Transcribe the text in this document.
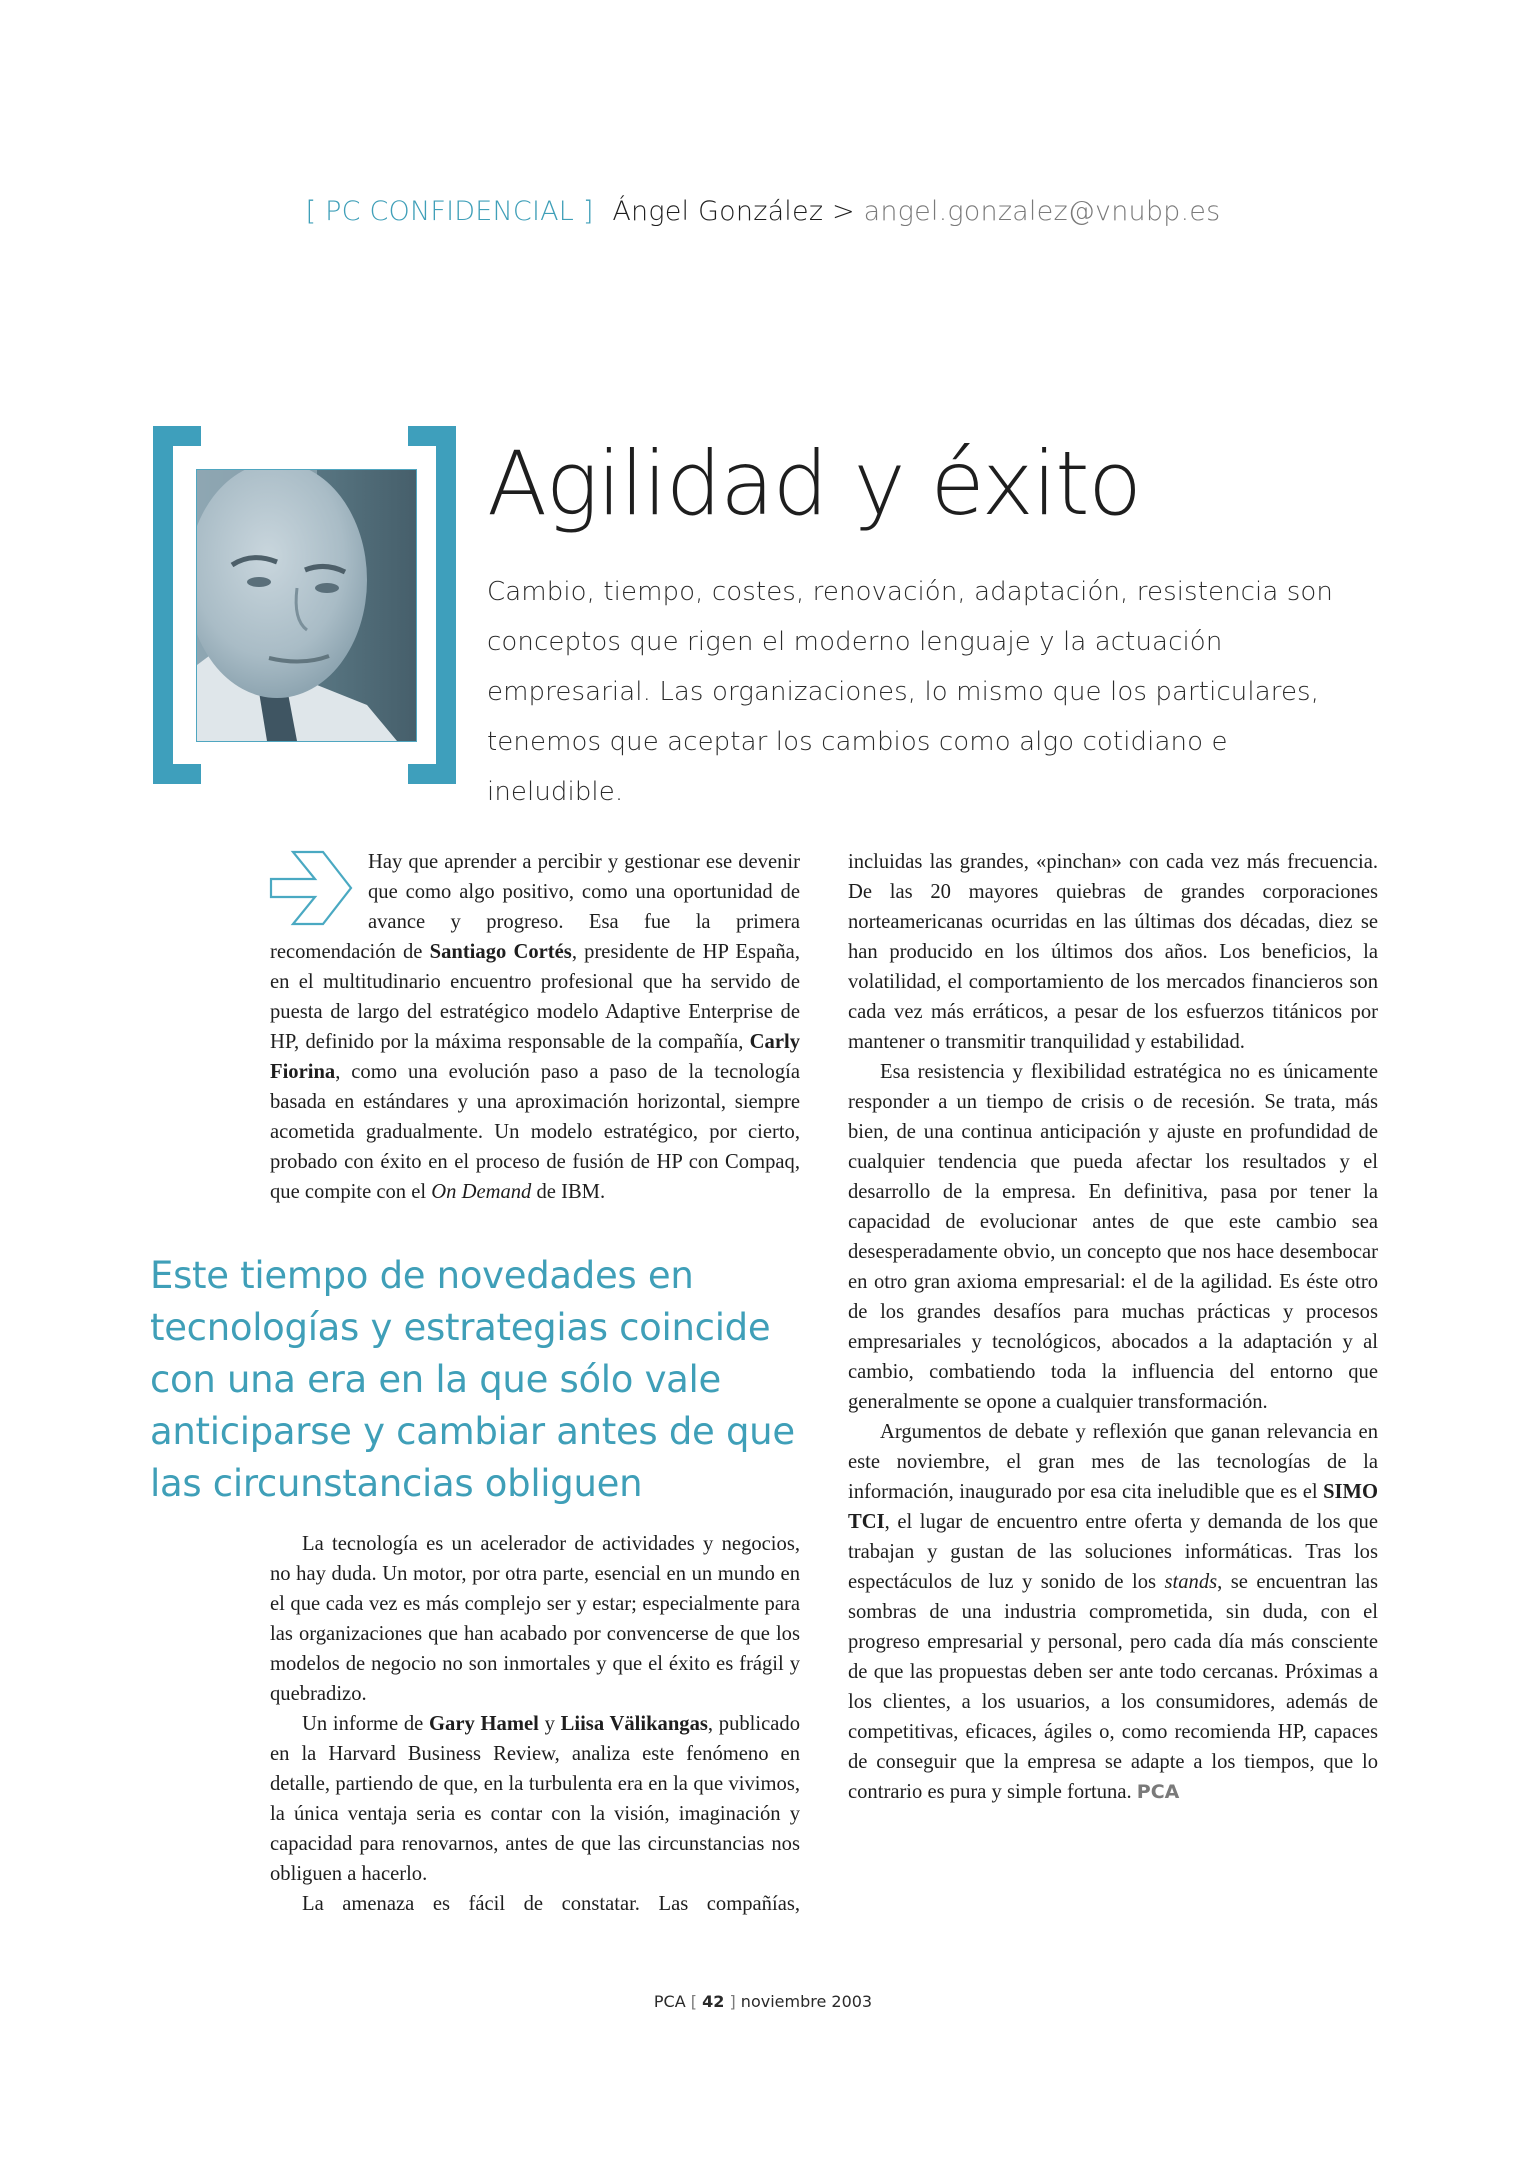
[ PC CONFIDENCIAL ] Ángel González > angel.gonzalez@vnubp.es
Agilidad y éxito

Cambio, tiempo, costes, renovación, adaptación, resistencia son conceptos que rigen el moderno lenguaje y la actuación empresarial. Las organizaciones, lo mismo que los particulares, tenemos que aceptar los cambios como algo cotidiano e ineludible.

Hay que aprender a percibir y gestionar ese devenir que como algo positivo, como una oportunidad de avance y progreso. Esa fue la primera recomendación de Santiago Cortés, presidente de HP España, en el multitudinario encuentro profesional que ha servido de puesta de largo del estratégico modelo Adaptive Enterprise de HP, definido por la máxima responsable de la compañía, Carly Fiorina, como una evolución paso a paso de la tecnología basada en estándares y una aproximación horizontal, siempre acometida gradualmente. Un modelo estratégico, por cierto, probado con éxito en el proceso de fusión de HP con Compaq, que compite con el On Demand de IBM.

Este tiempo de novedades en tecnologías y estrategias coincide con una era en la que sólo vale anticiparse y cambiar antes de que las circunstancias obliguen

La tecnología es un acelerador de actividades y negocios, no hay duda. Un motor, por otra parte, esencial en un mundo en el que cada vez es más complejo ser y estar; especialmente para las organizaciones que han acabado por convencerse de que los modelos de negocio no son inmortales y que el éxito es frágil y quebradizo.

Un informe de Gary Hamel y Liisa Välikangas, publicado en la Harvard Business Review, analiza este fenómeno en detalle, partiendo de que, en la turbulenta era en la que vivimos, la única ventaja seria es contar con la visión, imaginación y capacidad para renovarnos, antes de que las circunstancias nos obliguen a hacerlo.

La amenaza es fácil de constatar. Las compañías,

incluidas las grandes, «pinchan» con cada vez más frecuencia. De las 20 mayores quiebras de grandes corporaciones norteamericanas ocurridas en las últimas dos décadas, diez se han producido en los últimos dos años. Los beneficios, la volatilidad, el comportamiento de los mercados financieros son cada vez más erráticos, a pesar de los esfuerzos titánicos por mantener o transmitir tranquilidad y estabilidad.

Esa resistencia y flexibilidad estratégica no es únicamente responder a un tiempo de crisis o de recesión. Se trata, más bien, de una continua anticipación y ajuste en profundidad de cualquier tendencia que pueda afectar los resultados y el desarrollo de la empresa. En definitiva, pasa por tener la capacidad de evolucionar antes de que este cambio sea desesperadamente obvio, un concepto que nos hace desembocar en otro gran axioma empresarial: el de la agilidad. Es éste otro de los grandes desafíos para muchas prácticas y procesos empresariales y tecnológicos, abocados a la adaptación y al cambio, combatiendo toda la influencia del entorno que generalmente se opone a cualquier transformación.

Argumentos de debate y reflexión que ganan relevancia en este noviembre, el gran mes de las tecnologías de la información, inaugurado por esa cita ineludible que es el SIMO TCI, el lugar de encuentro entre oferta y demanda de los que trabajan y gustan de las soluciones informáticas. Tras los espectáculos de luz y sonido de los stands, se encuentran las sombras de una industria comprometida, sin duda, con el progreso empresarial y personal, pero cada día más consciente de que las propuestas deben ser ante todo cercanas. Próximas a los clientes, a los usuarios, a los consumidores, además de competitivas, eficaces, ágiles o, como recomienda HP, capaces de conseguir que la empresa se adapte a los tiempos, que lo contrario es pura y simple fortuna. PCA

PCA [ 42 ] noviembre 2003
